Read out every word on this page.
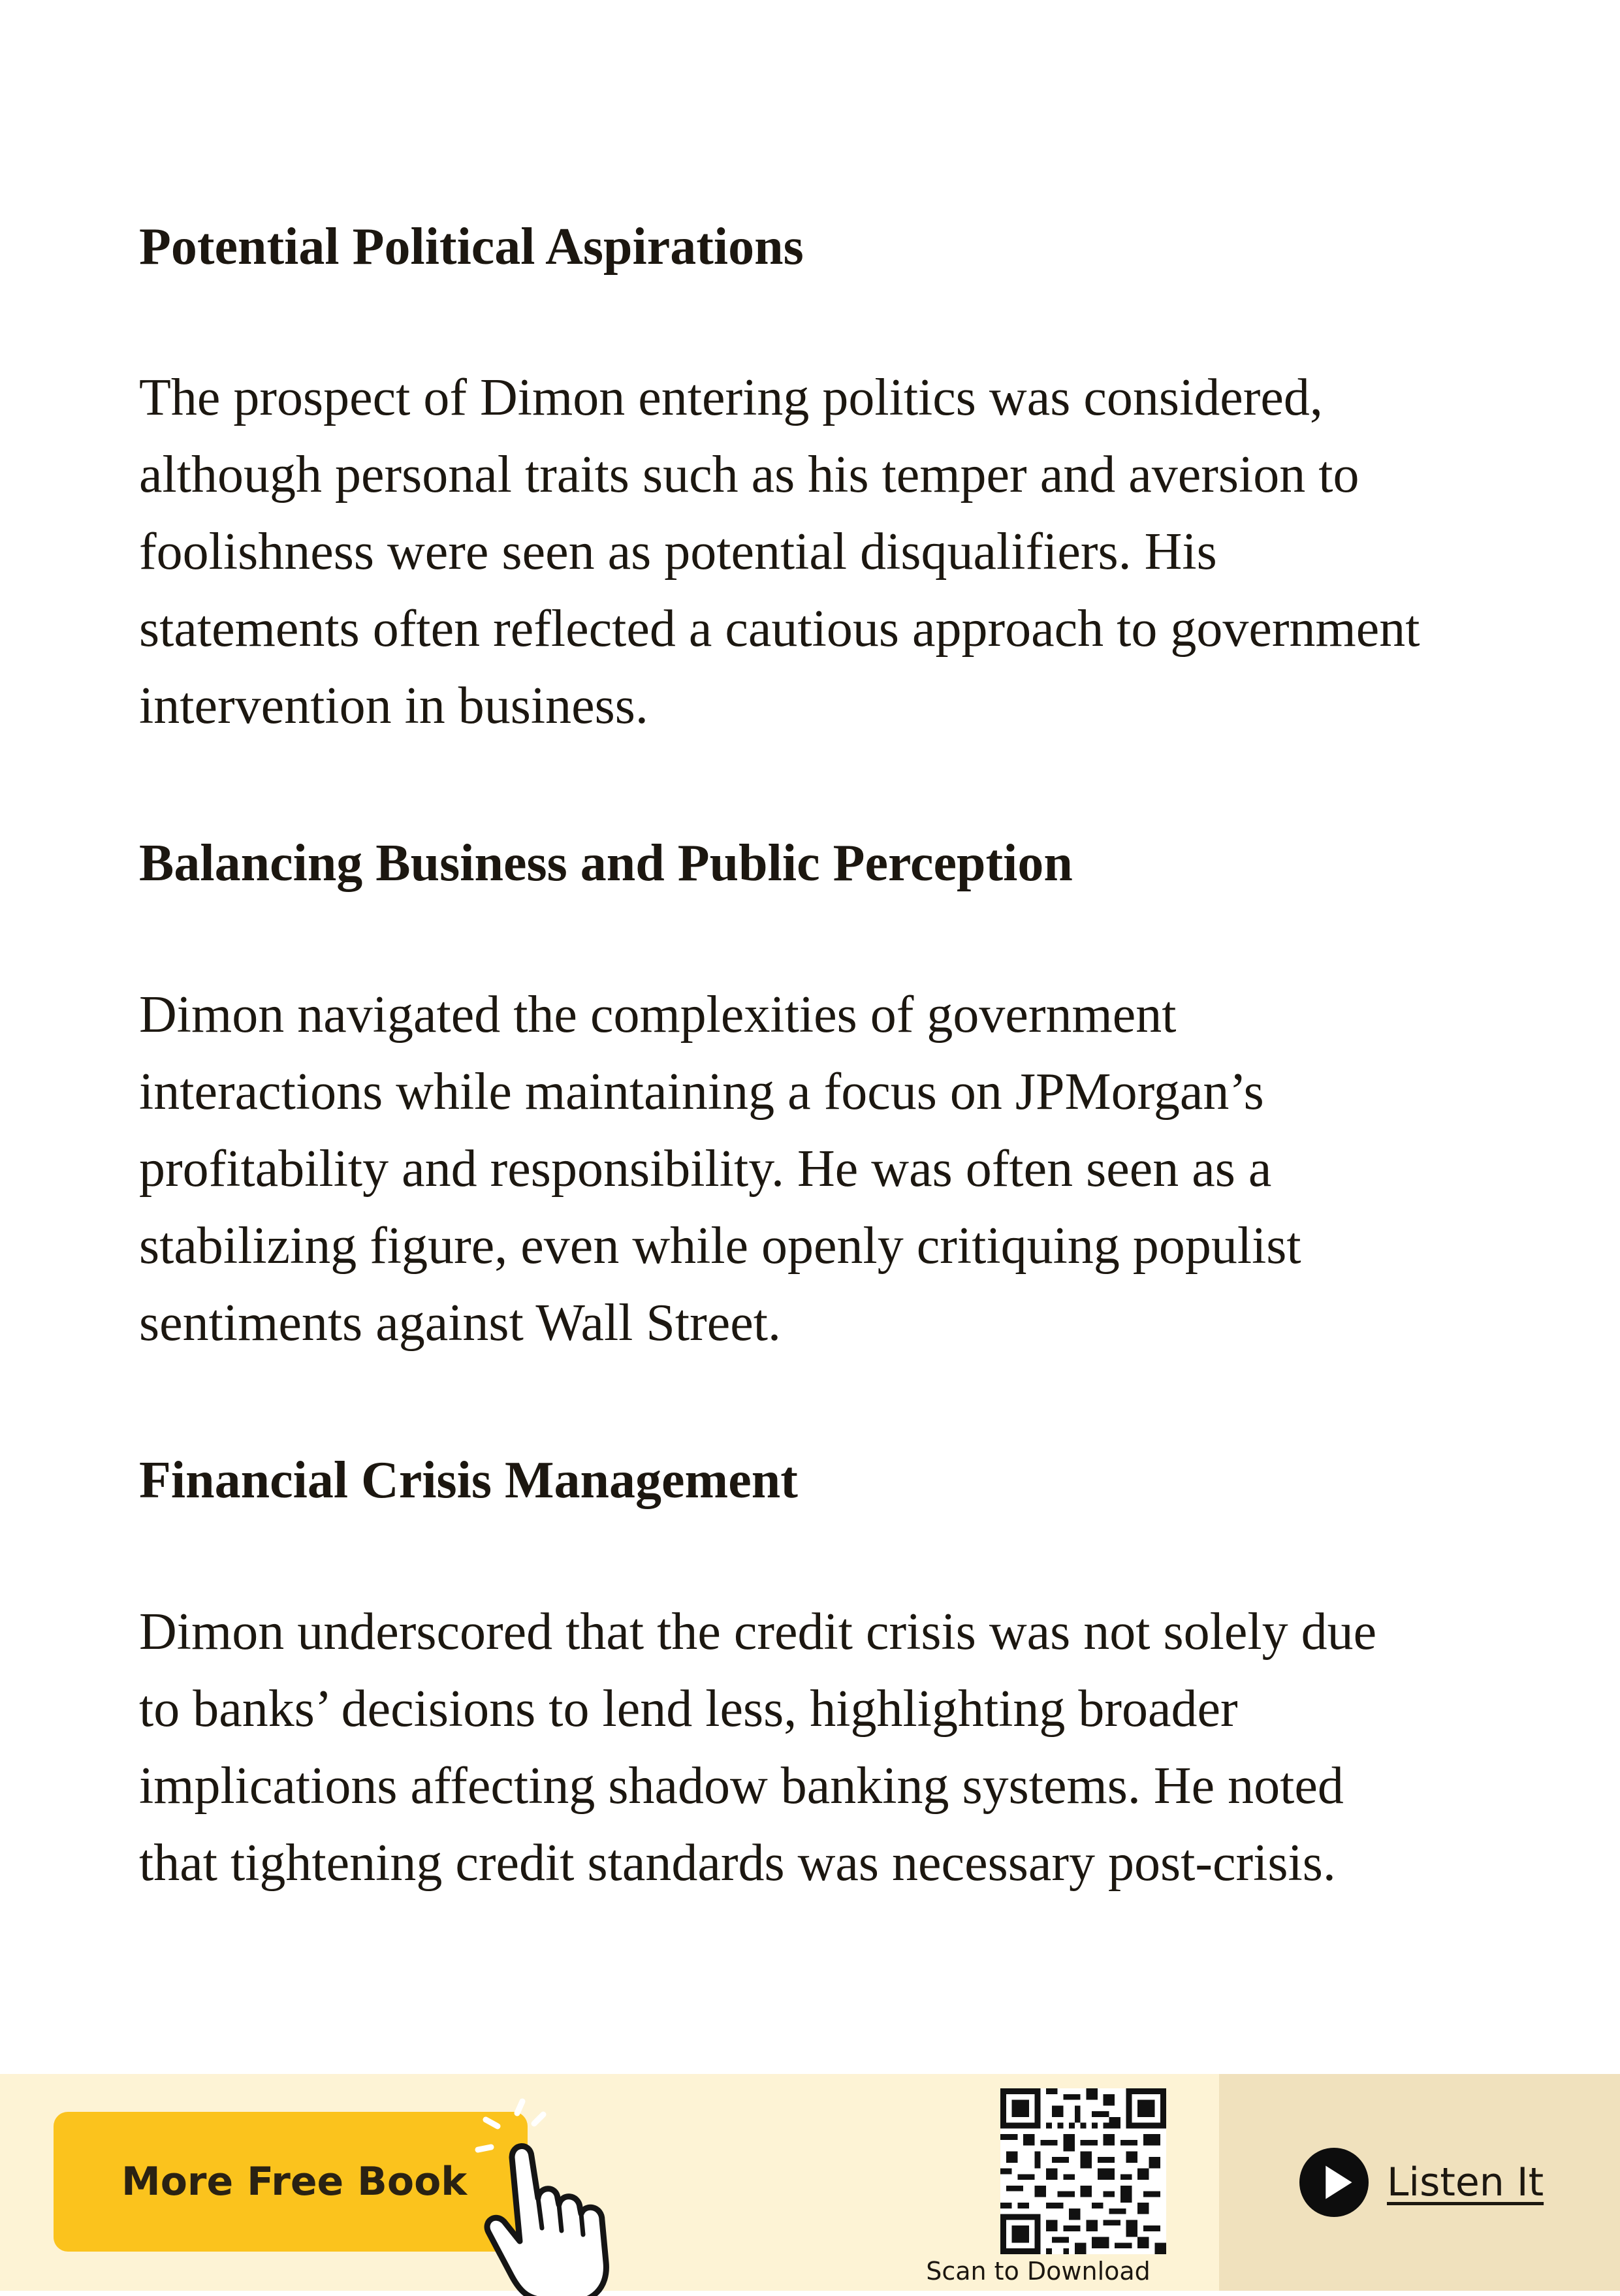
Potential Political Aspirations
The prospect of Dimon entering politics was considered,
although personal traits such as his temper and aversion to
foolishness were seen as potential disqualifiers. His
statements often reflected a cautious approach to government
intervention in business.
Balancing Business and Public Perception
Dimon navigated the complexities of government
interactions while maintaining a focus on JPMorgan’s
profitability and responsibility. He was often seen as a
stabilizing figure, even while openly critiquing populist
sentiments against Wall Street.
Financial Crisis Management
Dimon underscored that the credit crisis was not solely due
to banks’ decisions to lend less, highlighting broader
implications affecting shadow banking systems. He noted
that tightening credit standards was necessary post-crisis.
More Free Book
Scan to Download
Listen It
